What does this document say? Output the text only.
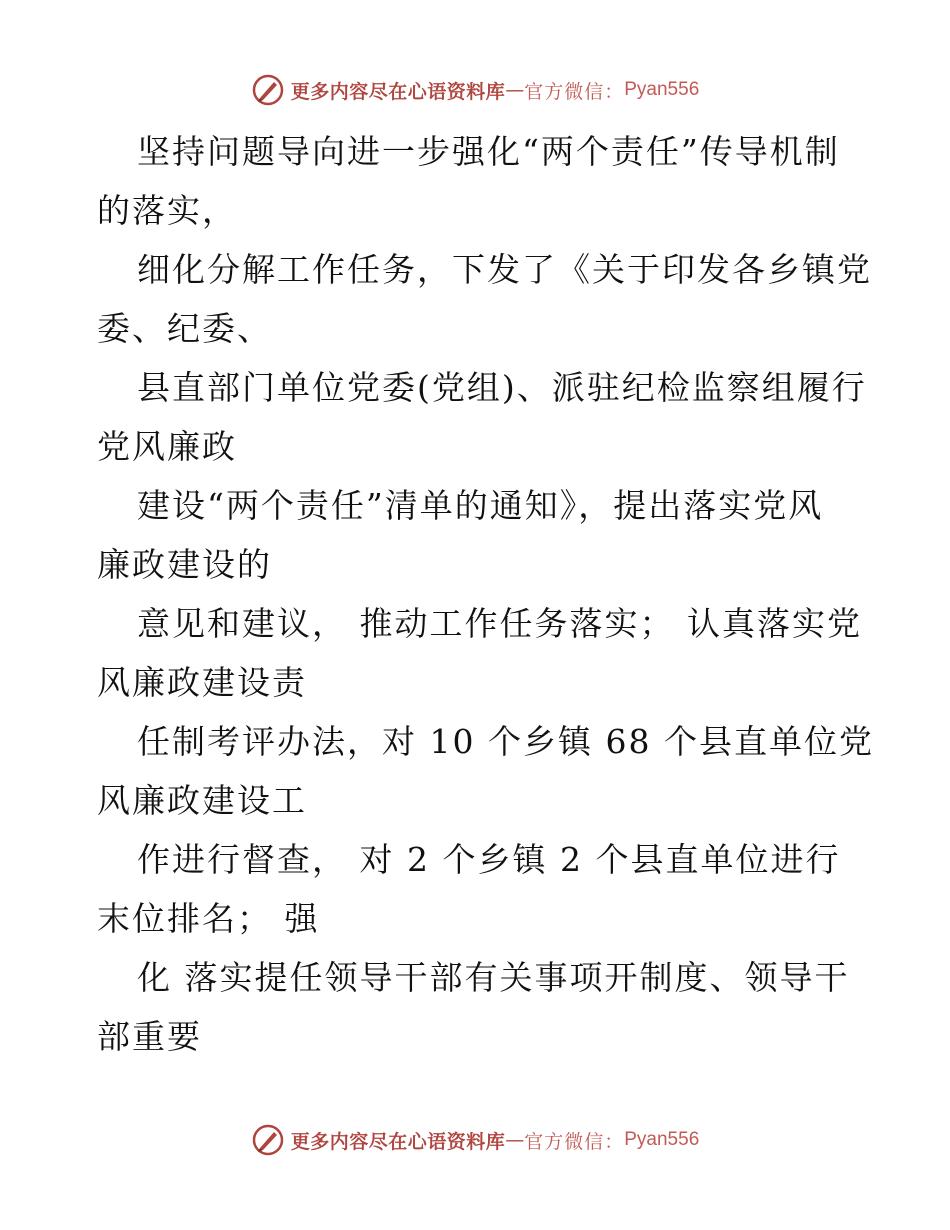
更多内容尽在心语资料库 — 官方微信： Pyan556

坚持问题导向进一步强化“两个责任”传导机制
的落实，

细化分解工作任务，下发了《关于印发各乡镇党
委、纪委、

县直部门单位党委(党组)、派驻纪检监察组履行
党风廉政

建设“两个责任”清单的通知》，提出落实党风
廉政建设的

意见和建议， 推动工作任务落实； 认真落实党
风廉政建设责

任制考评办法，对 10 个乡镇 68 个县直单位党
风廉政建设工

作进行督查， 对 2 个乡镇 2 个县直单位进行
末位排名； 强

化 落实提任领导干部有关事项开制度、领导干
部重要

更多内容尽在心语资料库 — 官方微信： Pyan556
